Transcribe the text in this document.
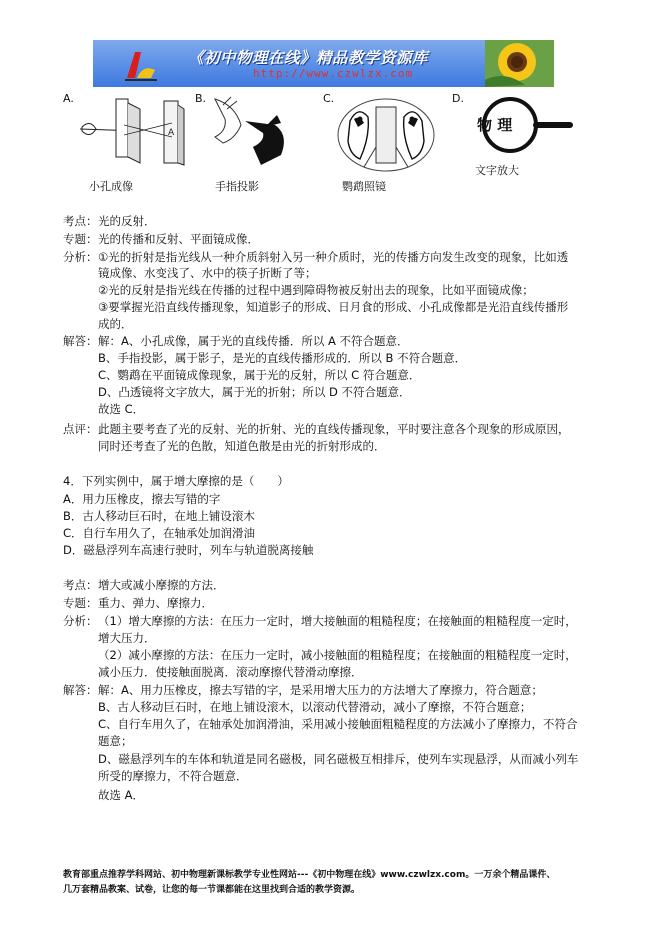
《初中物理在线》精品教学资源库
http://www.czwlzx.com
A.
A
B.	C.	D.
物 理
小孔成像	手指投影	鹦鹉照镜
文字放大
考点： 光的反射．
专题： 光的传播和反射、平面镜成像．
分析： ①光的折射是指光线从一种介质斜射入另一种介质时，光的传播方向发生改变的现象，比如透
镜成像、水变浅了、水中的筷子折断了等；
②光的反射是指光线在传播的过程中遇到障碍物被反射出去的现象，比如平面镜成像；
③要掌握光沿直线传播现象，知道影子的形成、日月食的形成、小孔成像都是光沿直线传播形
成的．
解答： 解：A、小孔成像，属于光的直线传播．所以 A 不符合题意．
B、手指投影，属于影子，是光的直线传播形成的．所以 B 不符合题意．
C、鹦鹉在平面镜成像现象，属于光的反射，所以 C 符合题意．
D、凸透镜将文字放大，属于光的折射；所以 D 不符合题意．
故选 C．
点评： 此题主要考查了光的反射、光的折射、光的直线传播现象，平时要注意各个现象的形成原因，
同时还考查了光的色散，知道色散是由光的折射形成的．
4．下列实例中，属于增大摩擦的是（　　）
A．用力压橡皮，擦去写错的字
B．古人移动巨石时，在地上铺设滚木
C．自行车用久了，在轴承处加润滑油
D．磁悬浮列车高速行驶时，列车与轨道脱离接触
考点： 增大或减小摩擦的方法．
专题： 重力、弹力、摩擦力．
分析： （1）增大摩擦的方法：在压力一定时，增大接触面的粗糙程度；在接触面的粗糙程度一定时，
增大压力．
（2）减小摩擦的方法：在压力一定时，减小接触面的粗糙程度；在接触面的粗糙程度一定时，
减小压力．使接触面脱离．滚动摩擦代替滑动摩擦．
解答： 解：A、用力压橡皮，擦去写错的字，是采用增大压力的方法增大了摩擦力，符合题意；
B、古人移动巨石时，在地上铺设滚木，以滚动代替滑动，减小了摩擦，不符合题意；
C、自行车用久了，在轴承处加润滑油，采用减小接触面粗糙程度的方法减小了摩擦力，不符合
题意；
D、磁悬浮列车的车体和轨道是同名磁极，同名磁极互相排斥，使列车实现悬浮，从而减小列车
所受的摩擦力，不符合题意．
故选 A．
教育部重点推荐学科网站、初中物理新课标教学专业性网站---《初中物理在线》www.czwlzx.com。一万余个精品课件、
几万套精品教案、试卷，让您的每一节课都能在这里找到合适的教学资源。
